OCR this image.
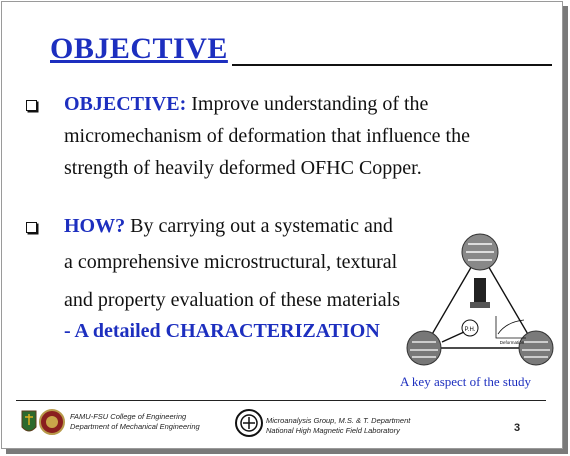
OBJECTIVE
OBJECTIVE: Improve understanding of the
micromechanism of deformation that influence the
strength of heavily deformed OFHC Copper.
HOW? By carrying out a systematic and
a comprehensive microstructural, textural
and property evaluation of these materials
- A detailed CHARACTERIZATION	P.H.
Deformation
A key aspect of the study
FAMU-FSU College of Engineering
Department of Mechanical Engineering
Microanalysis Group, M.S. & T. Department
National High Magnetic Field Laboratory	3
